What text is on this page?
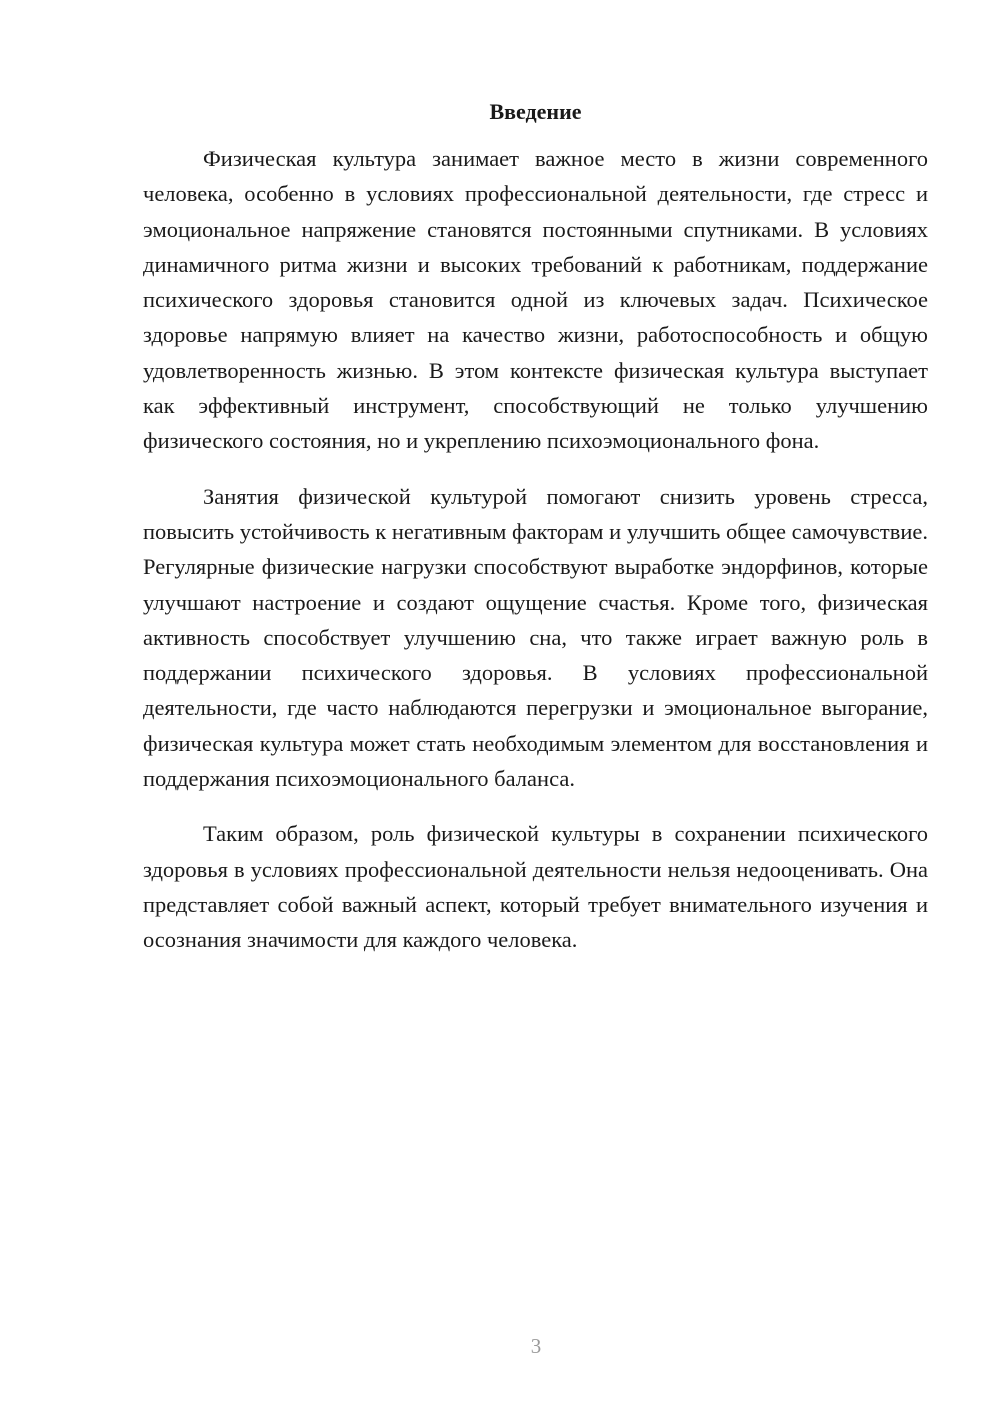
Введение

Физическая культура занимает важное место в жизни современного человека, особенно в условиях профессиональной деятельности, где стресс и эмоциональное напряжение становятся постоянными спутниками. В условиях динамичного ритма жизни и высоких требований к работникам, поддержание психического здоровья становится одной из ключевых задач. Психическое здоровье напрямую влияет на качество жизни, работоспособность и общую удовлетворенность жизнью. В этом контексте физическая культура выступает как эффективный инструмент, способствующий не только улучшению физического состояния, но и укреплению психоэмоционального фона.

Занятия физической культурой помогают снизить уровень стресса, повысить устойчивость к негативным факторам и улучшить общее самочувствие. Регулярные физические нагрузки способствуют выработке эндорфинов, которые улучшают настроение и создают ощущение счастья. Кроме того, физическая активность способствует улучшению сна, что также играет важную роль в поддержании психического здоровья. В условиях профессиональной деятельности, где часто наблюдаются перегрузки и эмоциональное выгорание, физическая культура может стать необходимым элементом для восстановления и поддержания психоэмоционального баланса.

Таким образом, роль физической культуры в сохранении психического здоровья в условиях профессиональной деятельности нельзя недооценивать. Она представляет собой важный аспект, который требует внимательного изучения и осознания значимости для каждого человека.

3
